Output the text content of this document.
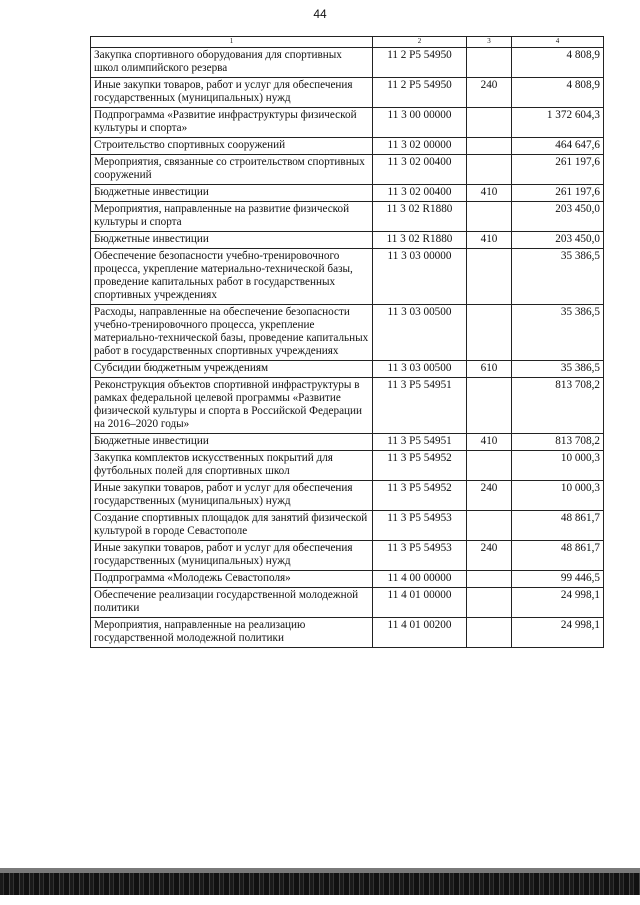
44
1	2	3	4
Закупка спортивного оборудования для спортивных школ олимпийского резерва	11 2 P5 54950		4 808,9
Иные закупки товаров, работ и услуг для обеспечения государственных (муниципальных) нужд	11 2 P5 54950	240	4 808,9
Подпрограмма «Развитие инфраструктуры физической культуры и спорта»	11 3 00 00000		1 372 604,3
Строительство спортивных сооружений	11 3 02 00000		464 647,6
Мероприятия, связанные со строительством спортивных сооружений	11 3 02 00400		261 197,6
Бюджетные инвестиции	11 3 02 00400	410	261 197,6
Мероприятия, направленные на развитие физической культуры и спорта	11 3 02 R1880		203 450,0
Бюджетные инвестиции	11 3 02 R1880	410	203 450,0
Обеспечение безопасности учебно-тренировочного процесса, укрепление материально-технической базы, проведение капитальных работ в государственных спортивных учреждениях	11 3 03 00000		35 386,5
Расходы, направленные на обеспечение безопасности учебно-тренировочного процесса, укрепление материально-технической базы, проведение капитальных работ в государственных спортивных учреждениях	11 3 03 00500		35 386,5
Субсидии бюджетным учреждениям	11 3 03 00500	610	35 386,5
Реконструкция объектов спортивной инфраструктуры в рамках федеральной целевой программы «Развитие физической культуры и спорта в Российской Федерации на 2016–2020 годы»	11 3 P5 54951		813 708,2
Бюджетные инвестиции	11 3 P5 54951	410	813 708,2
Закупка комплектов искусственных покрытий для футбольных полей для спортивных школ	11 3 P5 54952		10 000,3
Иные закупки товаров, работ и услуг для обеспечения государственных (муниципальных) нужд	11 3 P5 54952	240	10 000,3
Создание спортивных площадок для занятий физической культурой в городе Севастополе	11 3 P5 54953		48 861,7
Иные закупки товаров, работ и услуг для обеспечения государственных (муниципальных) нужд	11 3 P5 54953	240	48 861,7
Подпрограмма «Молодежь Севастополя»	11 4 00 00000		99 446,5
Обеспечение реализации государственной молодежной политики	11 4 01 00000		24 998,1
Мероприятия, направленные на реализацию государственной молодежной политики	11 4 01 00200		24 998,1
